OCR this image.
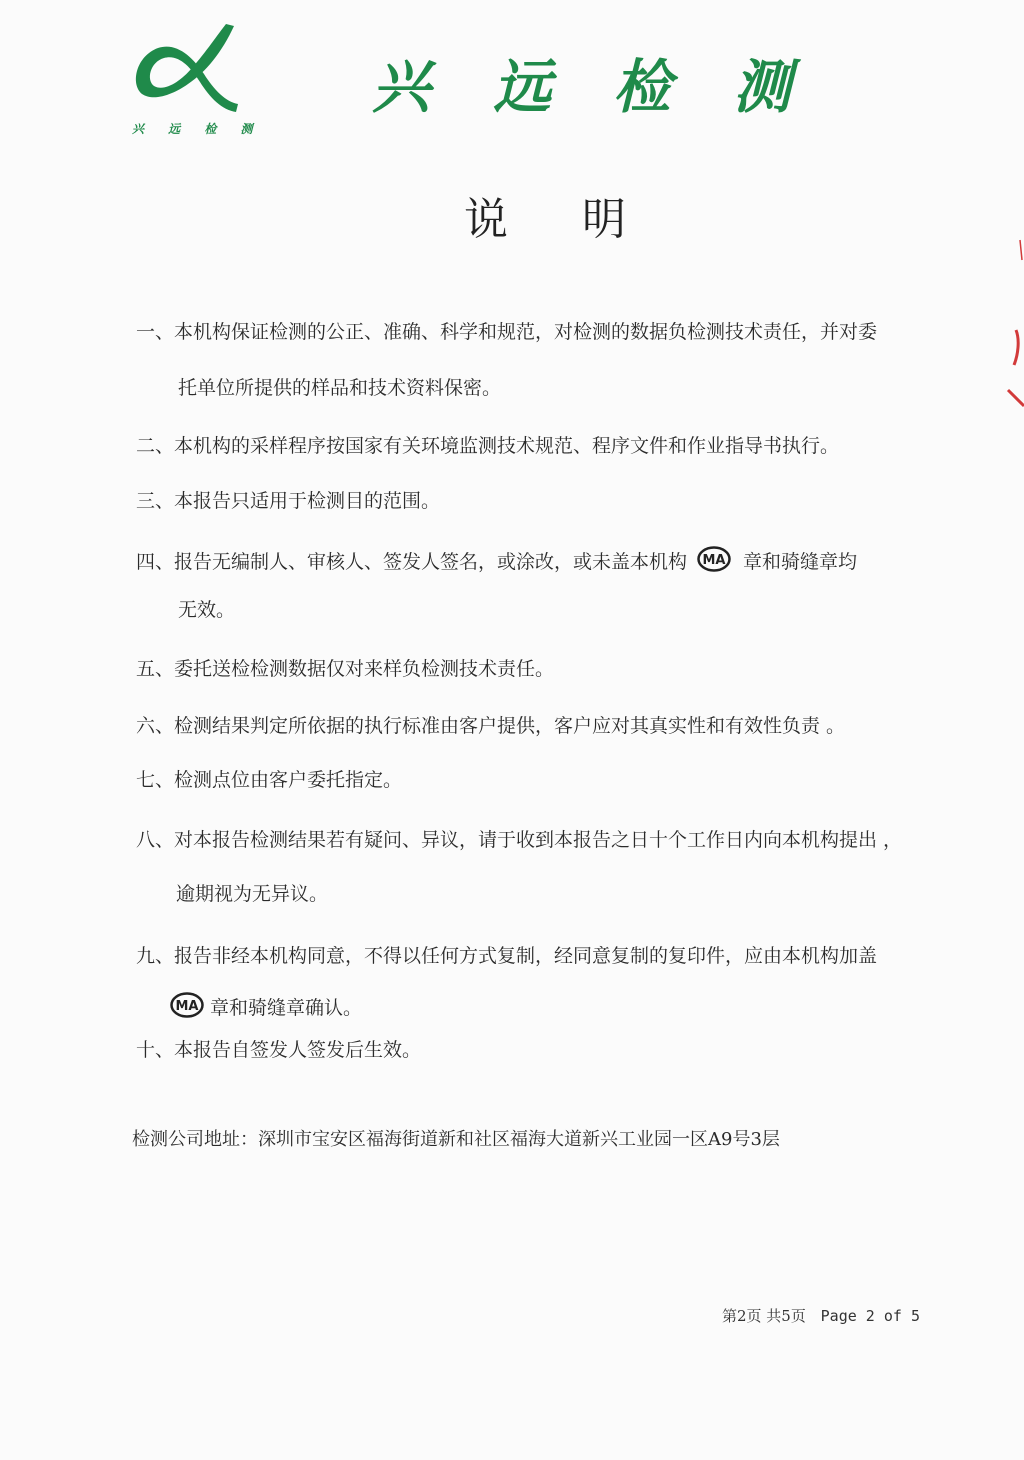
兴 远 检 测
兴 远 检 测
说 明
一、本机构保证检测的公正、准确、科学和规范，对检测的数据负检测技术责任，并对委
托单位所提供的样品和技术资料保密。
二、本机构的采样程序按国家有关环境监测技术规范、程序文件和作业指导书执行。
三、本报告只适用于检测目的范围。
四、报告无编制人、审核人、签发人签名，或涂改，或未盖本机构 MA 章和骑缝章均
无效。
五、委托送检检测数据仅对来样负检测技术责任。
六、检测结果判定所依据的执行标准由客户提供，客户应对其真实性和有效性负责 。
七、检测点位由客户委托指定。
八、对本报告检测结果若有疑问、异议，请于收到本报告之日十个工作日内向本机构提出 ，
逾期视为无异议。
九、报告非经本机构同意，不得以任何方式复制，经同意复制的复印件，应由本机构加盖
MA 章和骑缝章确认。
十、本报告自签发人签发后生效。
检测公司地址：深圳市宝安区福海街道新和社区福海大道新兴工业园一区A9号3层
第2页 共5页 Page 2 of 5
